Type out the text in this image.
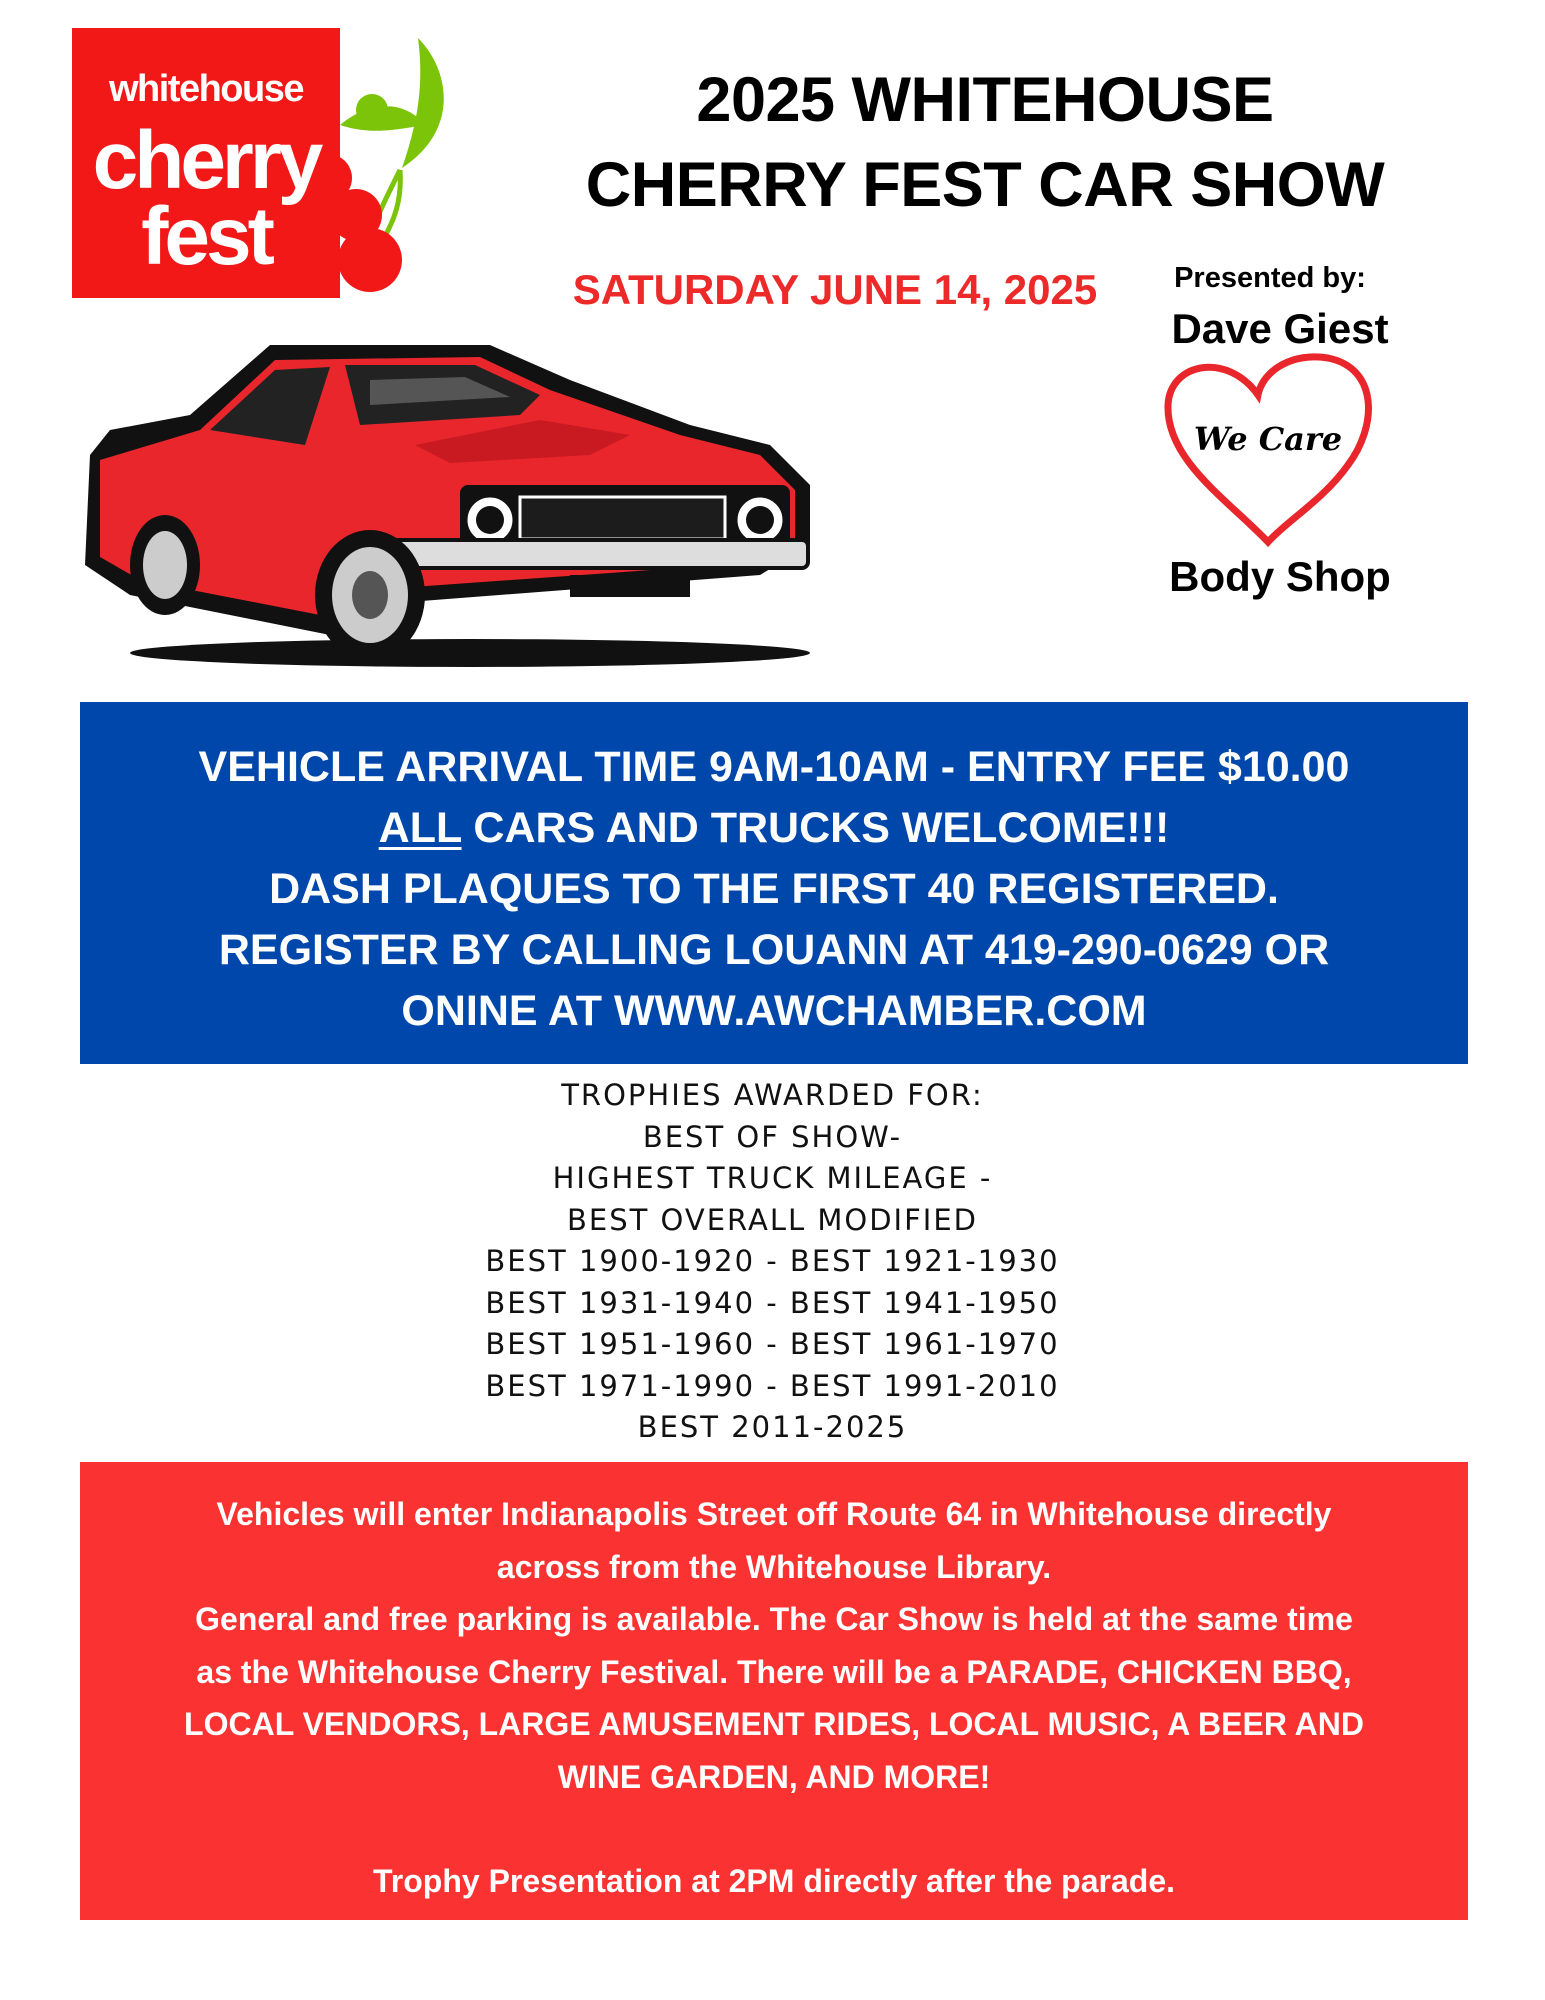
whitehouse
cherry
fest
2025 WHITEHOUSE
CHERRY FEST CAR SHOW
SATURDAY JUNE 14, 2025	Presented by:
Dave Giest
We Care
Body Shop
VEHICLE ARRIVAL TIME 9AM-10AM - ENTRY FEE $10.00
ALL CARS AND TRUCKS WELCOME!!!
DASH PLAQUES TO THE FIRST 40 REGISTERED.
REGISTER BY CALLING LOUANN AT 419-290-0629 OR
ONINE AT WWW.AWCHAMBER.COM
TROPHIES AWARDED FOR:
BEST OF SHOW-
HIGHEST TRUCK MILEAGE -
BEST OVERALL MODIFIED
BEST 1900-1920 - BEST 1921-1930
BEST 1931-1940 - BEST 1941-1950
BEST 1951-1960 - BEST 1961-1970
BEST 1971-1990 - BEST 1991-2010
BEST 2011-2025
Vehicles will enter Indianapolis Street off Route 64 in Whitehouse directly
across from the Whitehouse Library.
General and free parking is available. The Car Show is held at the same time
as the Whitehouse Cherry Festival. There will be a PARADE, CHICKEN BBQ,
LOCAL VENDORS, LARGE AMUSEMENT RIDES, LOCAL MUSIC, A BEER AND
WINE GARDEN, AND MORE!
Trophy Presentation at 2PM directly after the parade.
